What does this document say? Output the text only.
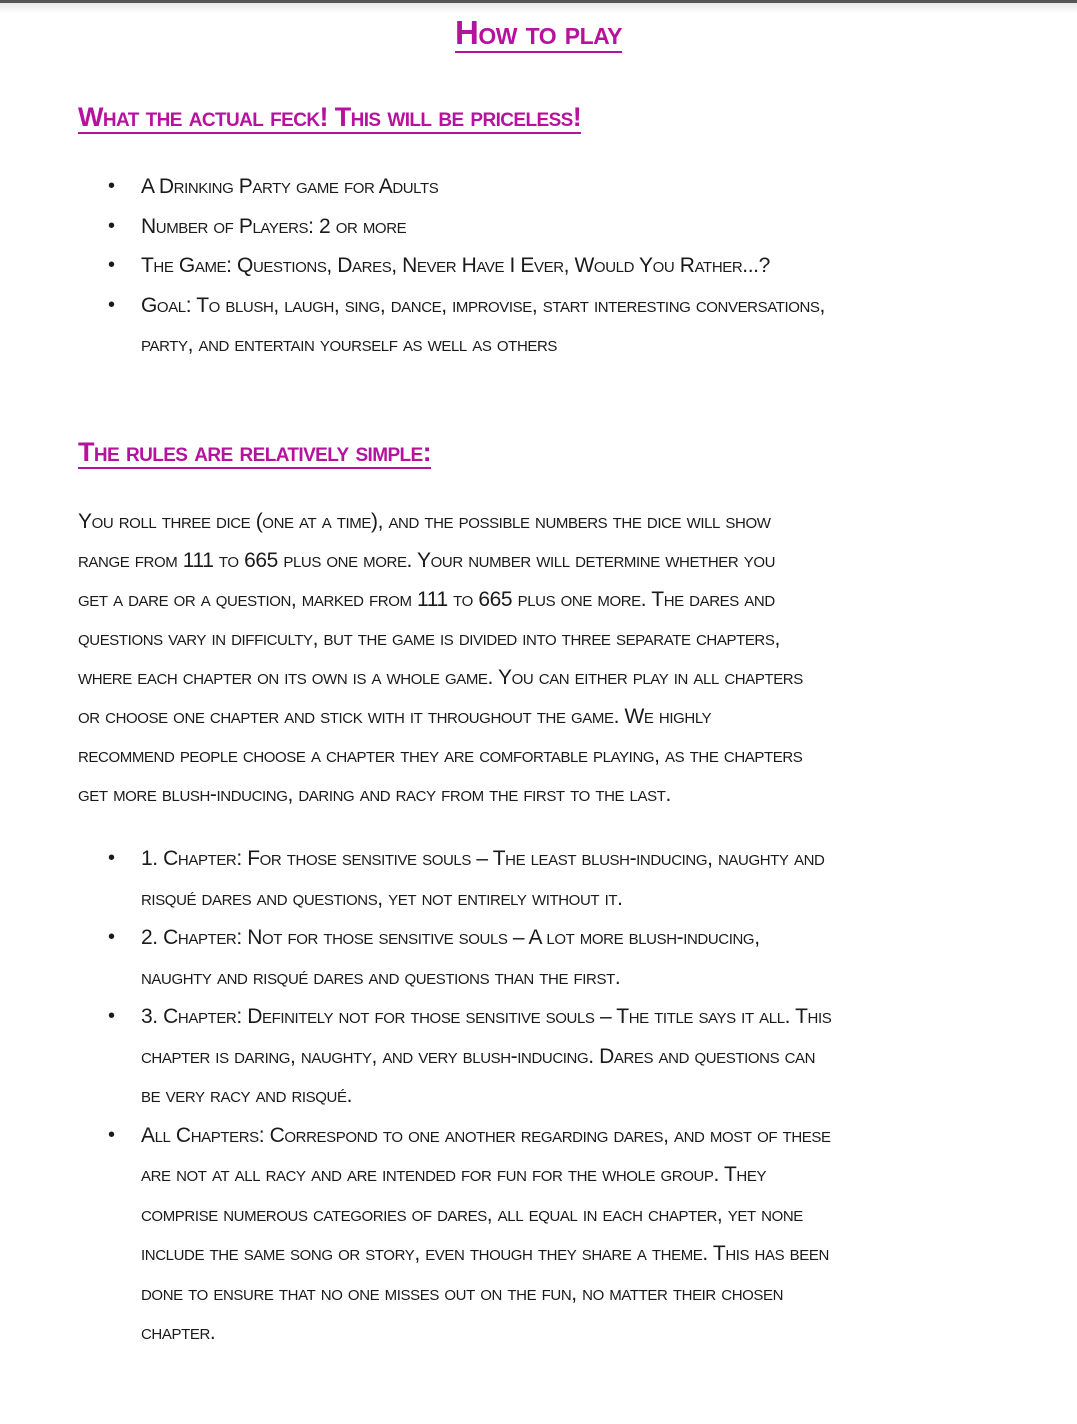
How to play
What the actual feck! This will be priceless!
• A Drinking Party game for Adults
• Number of Players: 2 or more
• The Game: Questions, Dares, Never Have I Ever, Would You Rather...?
• Goal: To blush, laugh, sing, dance, improvise, start interesting conversations,
party, and entertain yourself as well as others
The rules are relatively simple:
You roll three dice (one at a time), and the possible numbers the dice will show
range from 111 to 665 plus one more. Your number will determine whether you
get a dare or a question, marked from 111 to 665 plus one more. The dares and
questions vary in difficulty, but the game is divided into three separate chapters,
where each chapter on its own is a whole game. You can either play in all chapters
or choose one chapter and stick with it throughout the game. We highly
recommend people choose a chapter they are comfortable playing, as the chapters
get more blush-inducing, daring and racy from the first to the last.
• 1. Chapter: For those sensitive souls – The least blush-inducing, naughty and
risqué dares and questions, yet not entirely without it.
• 2. Chapter: Not for those sensitive souls – A lot more blush-inducing,
naughty and risqué dares and questions than the first.
• 3. Chapter: Definitely not for those sensitive souls – The title says it all. This
chapter is daring, naughty, and very blush-inducing. Dares and questions can
be very racy and risqué.
• All Chapters: Correspond to one another regarding dares, and most of these
are not at all racy and are intended for fun for the whole group. They
comprise numerous categories of dares, all equal in each chapter, yet none
include the same song or story, even though they share a theme. This has been
done to ensure that no one misses out on the fun, no matter their chosen
chapter.
